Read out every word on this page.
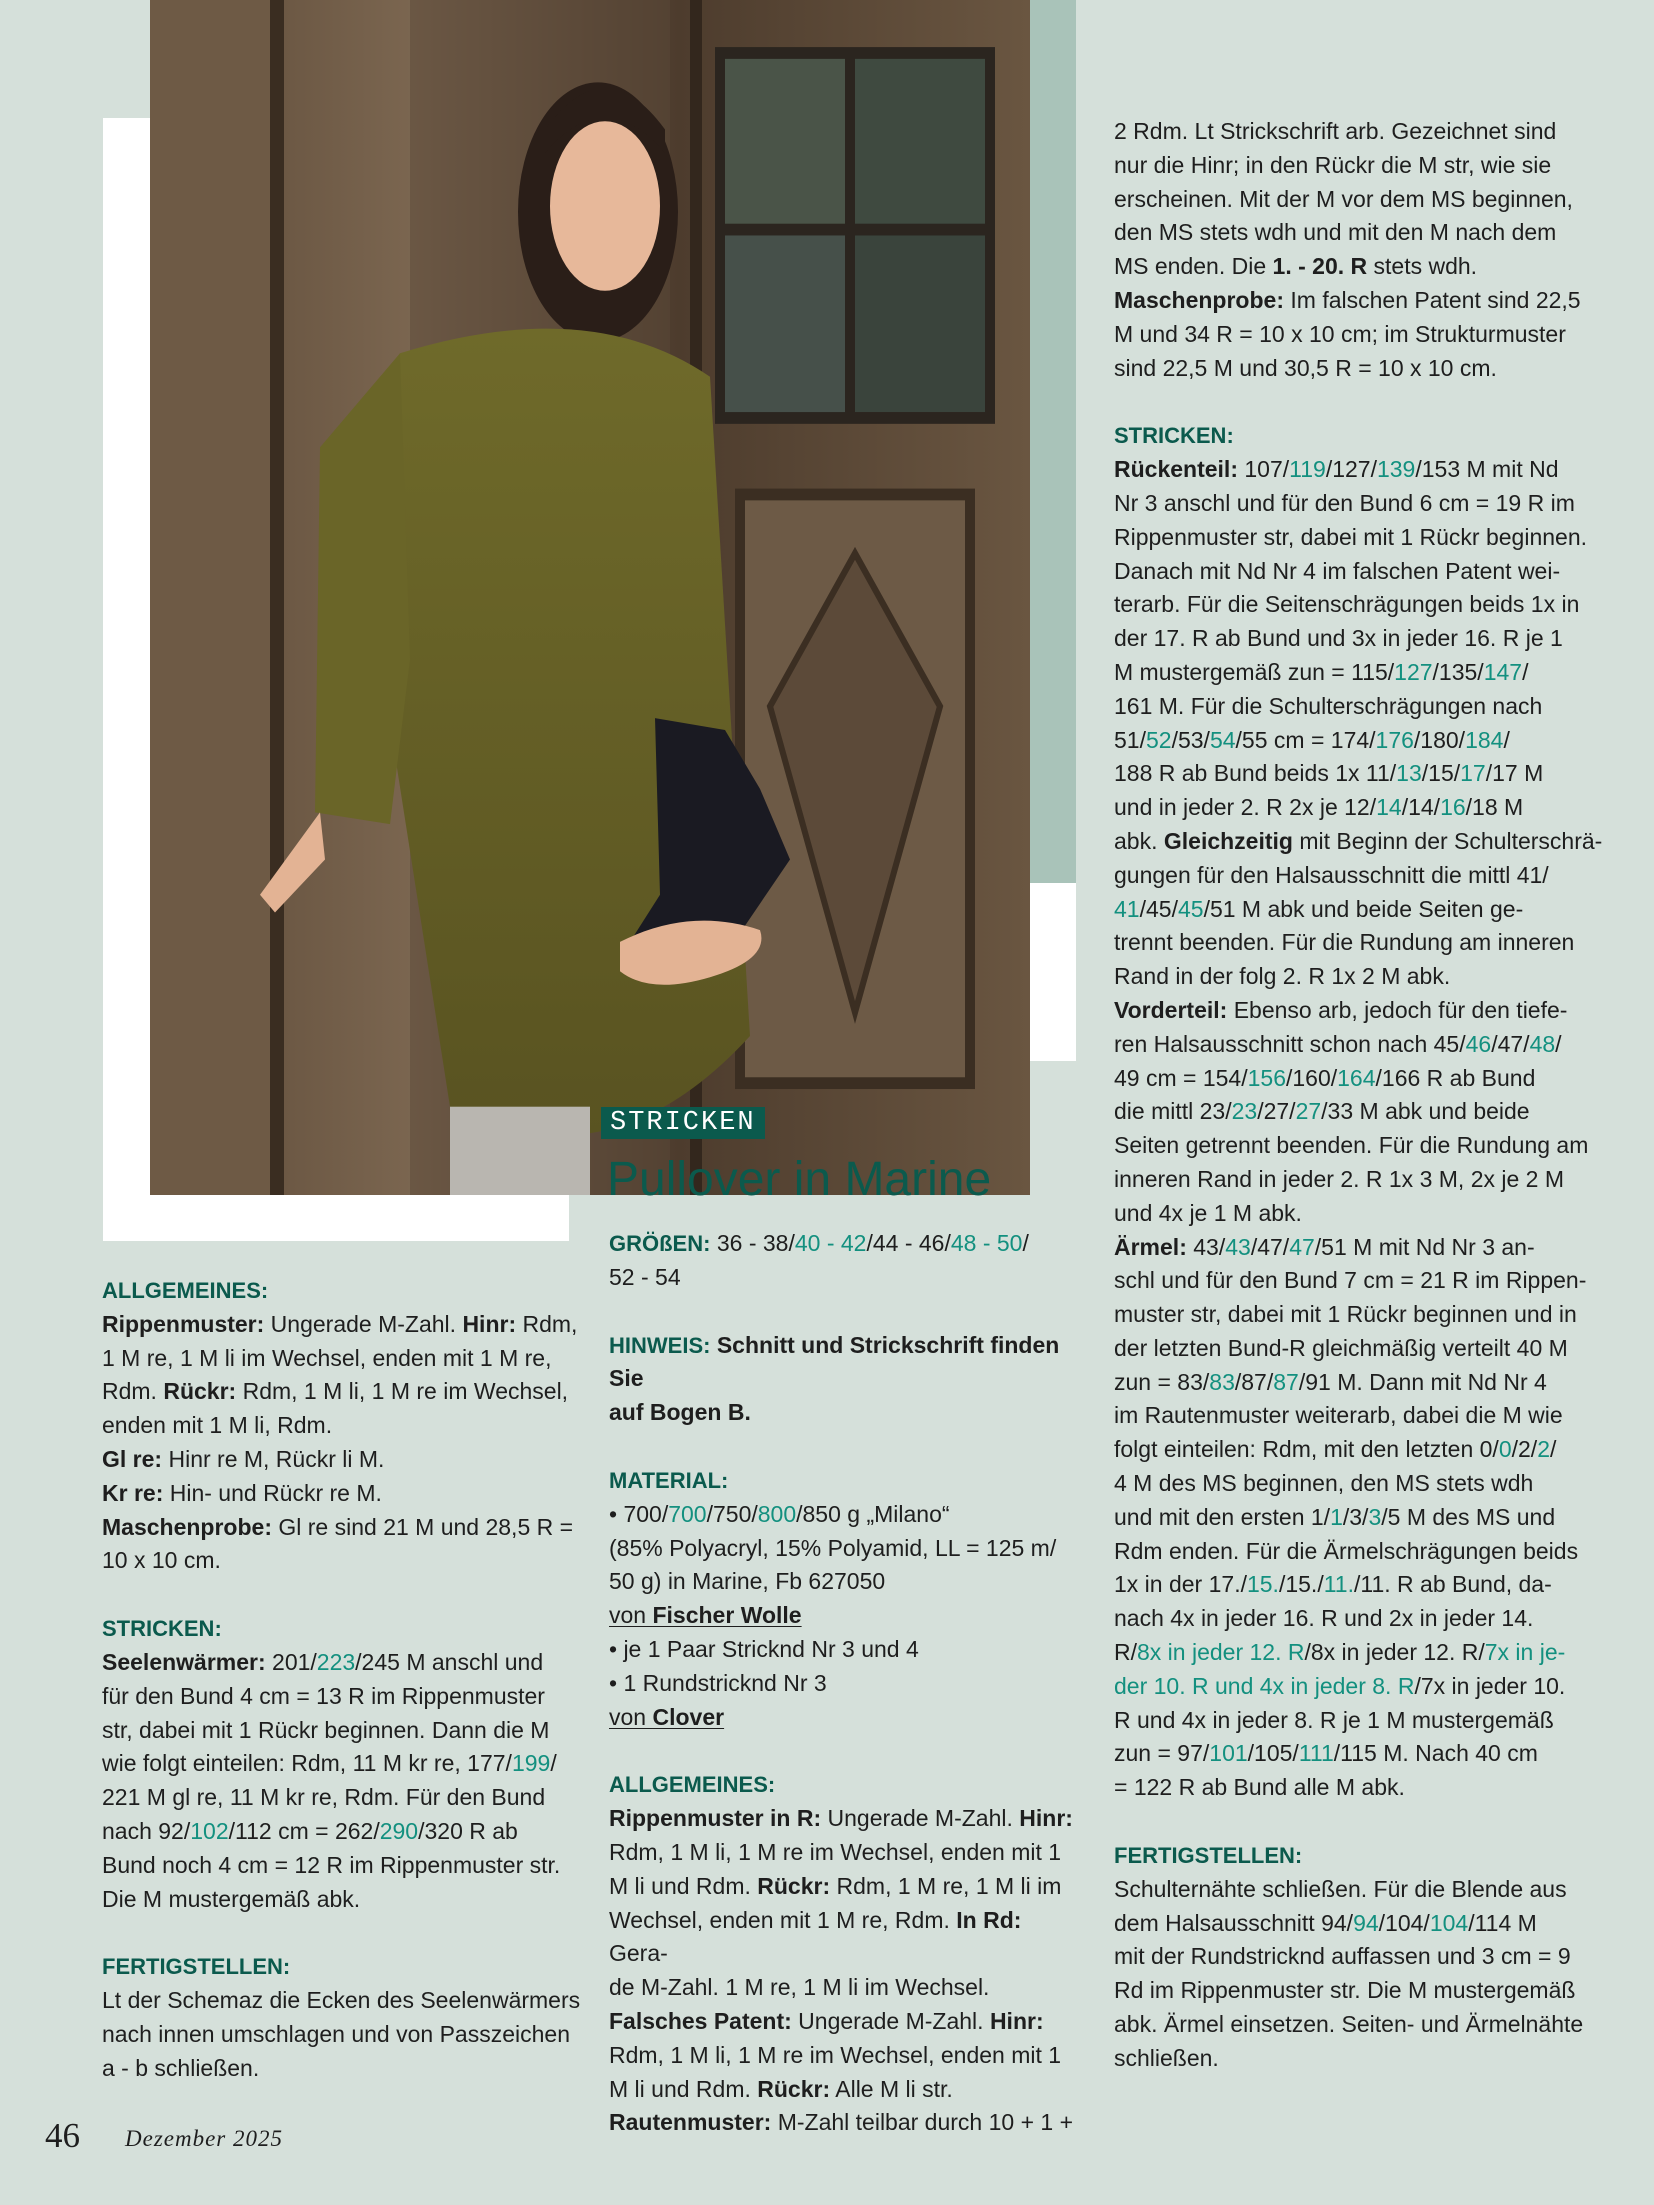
ALLGEMEINES:

Rippenmuster: Ungerade M-Zahl. Hinr: Rdm,

1 M re, 1 M li im Wechsel, enden mit 1 M re,

Rdm. Rückr: Rdm, 1 M li, 1 M re im Wechsel,

enden mit 1 M li, Rdm.

Gl re: Hinr re M, Rückr li M.

Kr re: Hin- und Rückr re M.

Maschenprobe: Gl re sind 21 M und 28,5 R =

10 x 10 cm.

STRICKEN:

Seelenwärmer: 201/223/245 M anschl und

für den Bund 4 cm = 13 R im Rippenmuster

str, dabei mit 1 Rückr beginnen. Dann die M

wie folgt einteilen: Rdm, 11 M kr re, 177/199/

221 M gl re, 11 M kr re, Rdm. Für den Bund

nach 92/102/112 cm = 262/290/320 R ab

Bund noch 4 cm = 12 R im Rippenmuster str.

Die M mustergemäß abk.

FERTIGSTELLEN:

Lt der Schemaz die Ecken des Seelenwärmers

nach innen umschlagen und von Passzeichen

a - b schließen.

STRICKEN
Pullover in Marine

GRÖßEN: 36 - 38/40 - 42/44 - 46/48 - 50/

52 - 54

HINWEIS: Schnitt und Strickschrift finden Sie

auf Bogen B.

MATERIAL:

• 700/700/750/800/850 g „Milano“

(85% Polyacryl, 15% Polyamid, LL = 125 m/

50 g) in Marine, Fb 627050

von Fischer Wolle

• je 1 Paar Strickn​d Nr 3 und 4

• 1 Rundstrickn​d Nr 3

von Clover

ALLGEMEINES:

Rippenmuster in R: Ungerade M-Zahl. Hinr:

Rdm, 1 M li, 1 M re im Wechsel, enden mit 1

M li und Rdm. Rückr: Rdm, 1 M re, 1 M li im

Wechsel, enden mit 1 M re, Rdm. In Rd: Gera-

de M-Zahl. 1 M re, 1 M li im Wechsel.

Falsches Patent: Ungerade M-Zahl. Hinr:

Rdm, 1 M li, 1 M re im Wechsel, enden mit 1

M li und Rdm. Rückr: Alle M li str.

Rautenmuster: M-Zahl teilbar durch 10 + 1 +

2 Rdm. Lt Strickschrift arb. Gezeichnet sind

nur die Hinr; in den Rückr die M str, wie sie

erscheinen. Mit der M vor dem MS beginnen,

den MS stets wdh und mit den M nach dem

MS enden. Die 1. - 20. R stets wdh.

Maschenprobe: Im falschen Patent sind 22,5

M und 34 R = 10 x 10 cm; im Strukturmuster

sind 22,5 M und 30,5 R = 10 x 10 cm.

STRICKEN:

Rückenteil: 107/119/127/139/153 M mit Nd

Nr 3 anschl und für den Bund 6 cm = 19 R im

Rippenmuster str, dabei mit 1 Rückr beginnen.

Danach mit Nd Nr 4 im falschen Patent wei-

terarb. Für die Seitenschrägungen beids 1x in

der 17. R ab Bund und 3x in jeder 16. R je 1

M mustergemäß zun = 115/127/135/147/

161 M. Für die Schulterschrägungen nach

51/52/53/54/55 cm = 174/176/180/184/

188 R ab Bund beids 1x 11/13/15/17/17 M

und in jeder 2. R 2x je 12/14/14/16/18 M

abk. Gleichzeitig mit Beginn der Schulterschrä-

gungen für den Halsausschnitt die mittl 41/

41/45/45/51 M abk und beide Seiten ge-

trennt beenden. Für die Rundung am inneren

Rand in der folg 2. R 1x 2 M abk.

Vorderteil: Ebenso arb, jedoch für den tiefe-

ren Halsausschnitt schon nach 45/46/47/48/

49 cm = 154/156/160/164/166 R ab Bund

die mittl 23/23/27/27/33 M abk und beide

Seiten getrennt beenden. Für die Rundung am

inneren Rand in jeder 2. R 1x 3 M, 2x je 2 M

und 4x je 1 M abk.

Ärmel: 43/43/47/47/51 M mit Nd Nr 3 an-

schl und für den Bund 7 cm = 21 R im Rippen-

muster str, dabei mit 1 Rückr beginnen und in

der letzten Bund-R gleichmäßig verteilt 40 M

zun = 83/83/87/87/91 M. Dann mit Nd Nr 4

im Rautenmuster weiterarb, dabei die M wie

folgt einteilen: Rdm, mit den letzten 0/0/2/2/

4 M des MS beginnen, den MS stets wdh

und mit den ersten 1/1/3/3/5 M des MS und

Rdm enden. Für die Ärmelschrägungen beids

1x in der 17./15./15./11./11. R ab Bund, da-

nach 4x in jeder 16. R und 2x in jeder 14.

R/8x in jeder 12. R/8x in jeder 12. R/7x in je-

der 10. R und 4x in jeder 8. R/7x in jeder 10.

R und 4x in jeder 8. R je 1 M mustergemäß

zun = 97/101/105/111/115 M. Nach 40 cm

= 122 R ab Bund alle M abk.

FERTIGSTELLEN:

Schulternähte schließen. Für die Blende aus

dem Halsausschnitt 94/94/104/104/114 M

mit der Rundstrickn​d auffassen und 3 cm = 9

Rd im Rippenmuster str. Die M mustergemäß

abk. Ärmel einsetzen. Seiten- und Ärmelnähte

schließen.

46 Dezember 2025
